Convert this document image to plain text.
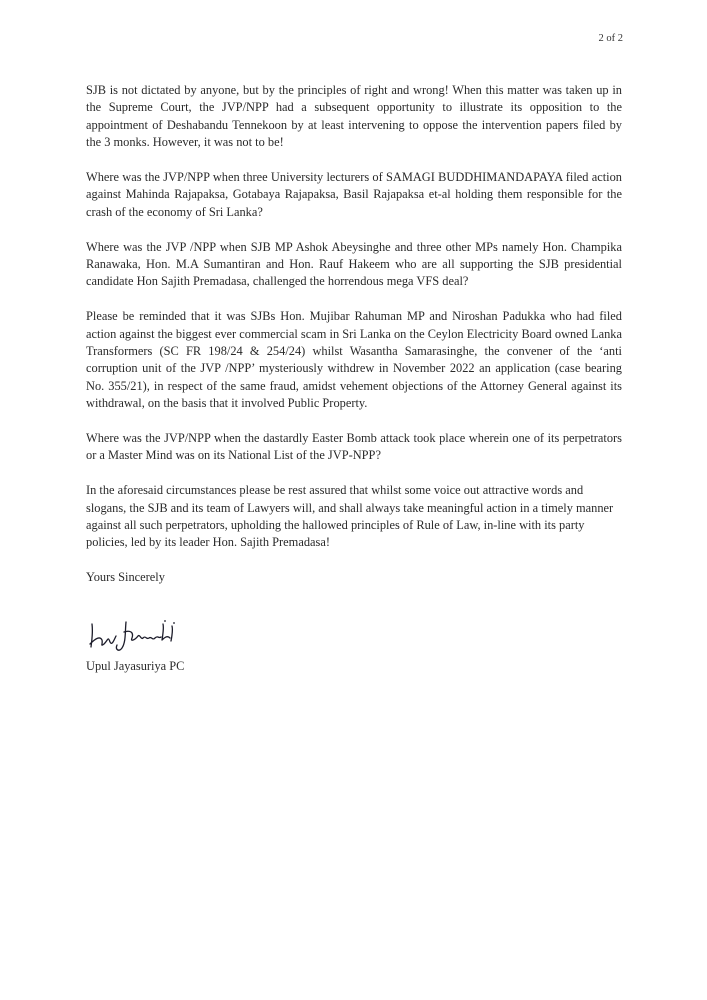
2 of 2

SJB is not dictated by anyone, but by the principles of right and wrong! When this matter was taken up in the Supreme Court, the JVP/NPP had a subsequent opportunity to illustrate its opposition to the appointment of Deshabandu Tennekoon by at least intervening to oppose the intervention papers filed by the 3 monks. However, it was not to be!

Where was the JVP/NPP when three University lecturers of SAMAGI BUDDHIMANDAPAYA filed action against Mahinda Rajapaksa, Gotabaya Rajapaksa, Basil Rajapaksa et-al holding them responsible for the crash of the economy of Sri Lanka?

Where was the JVP /NPP when SJB MP Ashok Abeysinghe and three other MPs namely Hon. Champika Ranawaka, Hon. M.A Sumantiran and Hon. Rauf Hakeem who are all supporting the SJB presidential candidate Hon Sajith Premadasa, challenged the horrendous mega VFS deal?

Please be reminded that it was SJBs Hon. Mujibar Rahuman MP and Niroshan Padukka who had filed action against the biggest ever commercial scam in Sri Lanka on the Ceylon Electricity Board owned Lanka Transformers (SC FR 198/24 & 254/24) whilst Wasantha Samarasinghe, the convener of the ‘anti corruption unit of the JVP /NPP’ mysteriously withdrew in November 2022 an application (case bearing No. 355/21), in respect of the same fraud, amidst vehement objections of the Attorney General against its withdrawal, on the basis that it involved Public Property.

Where was the JVP/NPP when the dastardly Easter Bomb attack took place wherein one of its perpetrators or a Master Mind was on its National List of the JVP-NPP?

In the aforesaid circumstances please be rest assured that whilst some voice out attractive words and slogans, the SJB and its team of Lawyers will, and shall always take meaningful action in a timely manner against all such perpetrators, upholding the hallowed principles of Rule of Law, in-line with its party policies, led by its leader Hon. Sajith Premadasa!

Yours Sincerely

Upul Jayasuriya PC
